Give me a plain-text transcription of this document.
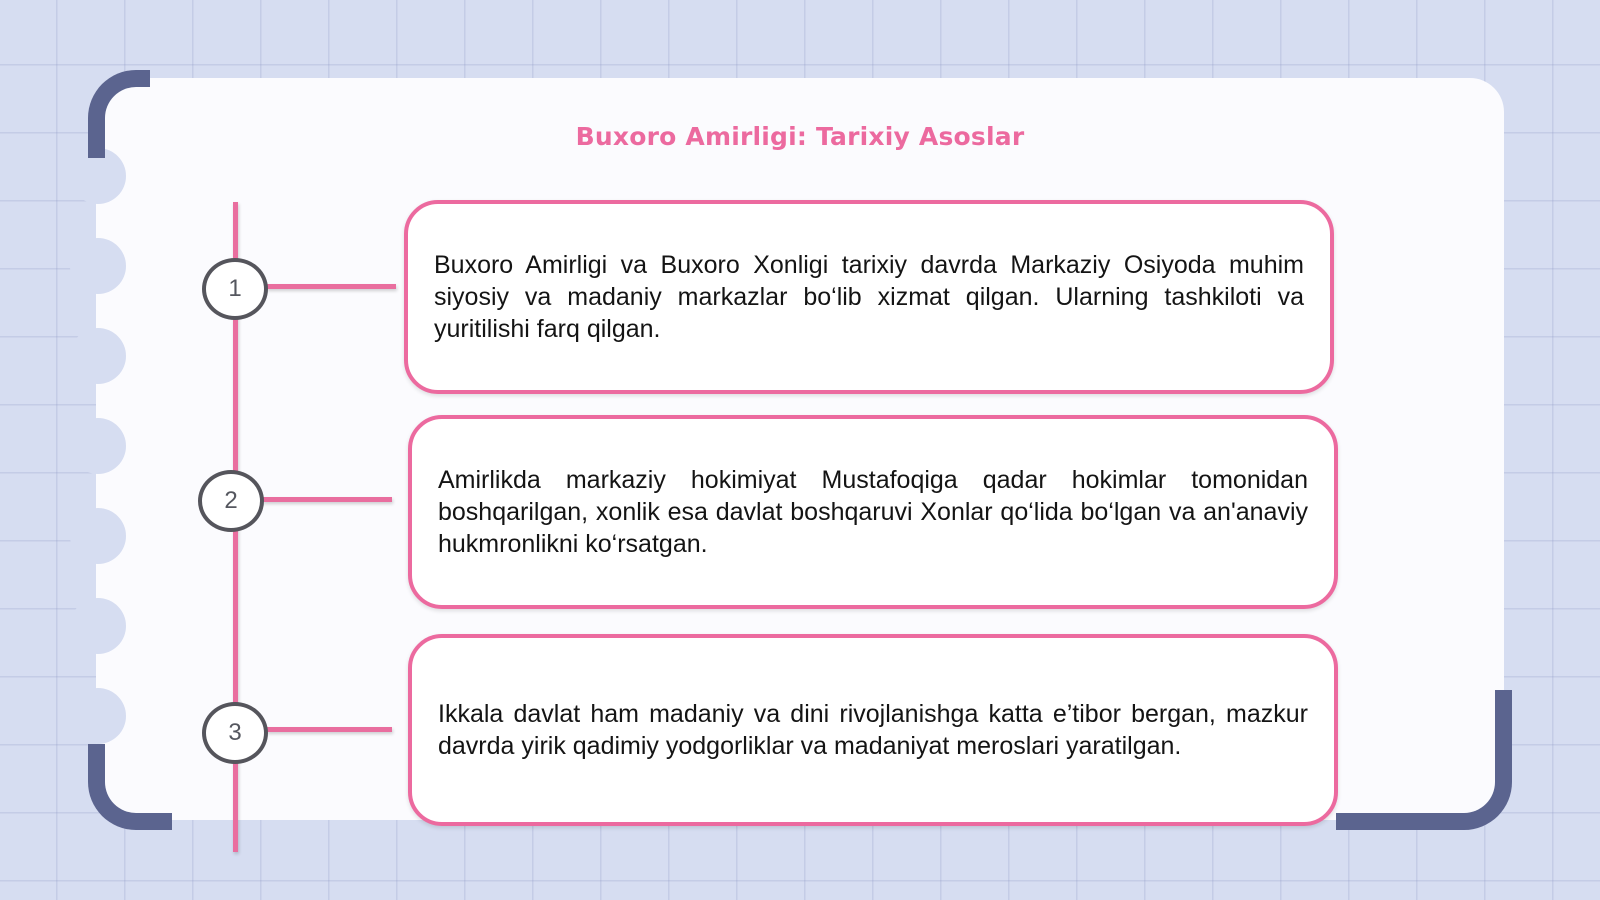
Buxoro Amirligi: Tarixiy Asoslar
1

Buxoro Amirligi va Buxoro Xonligi tarixiy davrda Markaziy Osiyoda muhim siyosiy va madaniy markazlar bo‘lib xizmat qilgan. Ularning tashkiloti va yuritilishi farq qilgan.

2

Amirlikda markaziy hokimiyat Mustafoqiga qadar hokimlar tomonidan boshqarilgan, xonlik esa davlat boshqaruvi Xonlar qo‘lida bo‘lgan va an'anaviy hukmronlikni ko‘rsatgan.

3

Ikkala davlat ham madaniy va dini rivojlanishga katta e’tibor bergan, mazkur davrda yirik qadimiy yodgorliklar va madaniyat meroslari yaratilgan.
